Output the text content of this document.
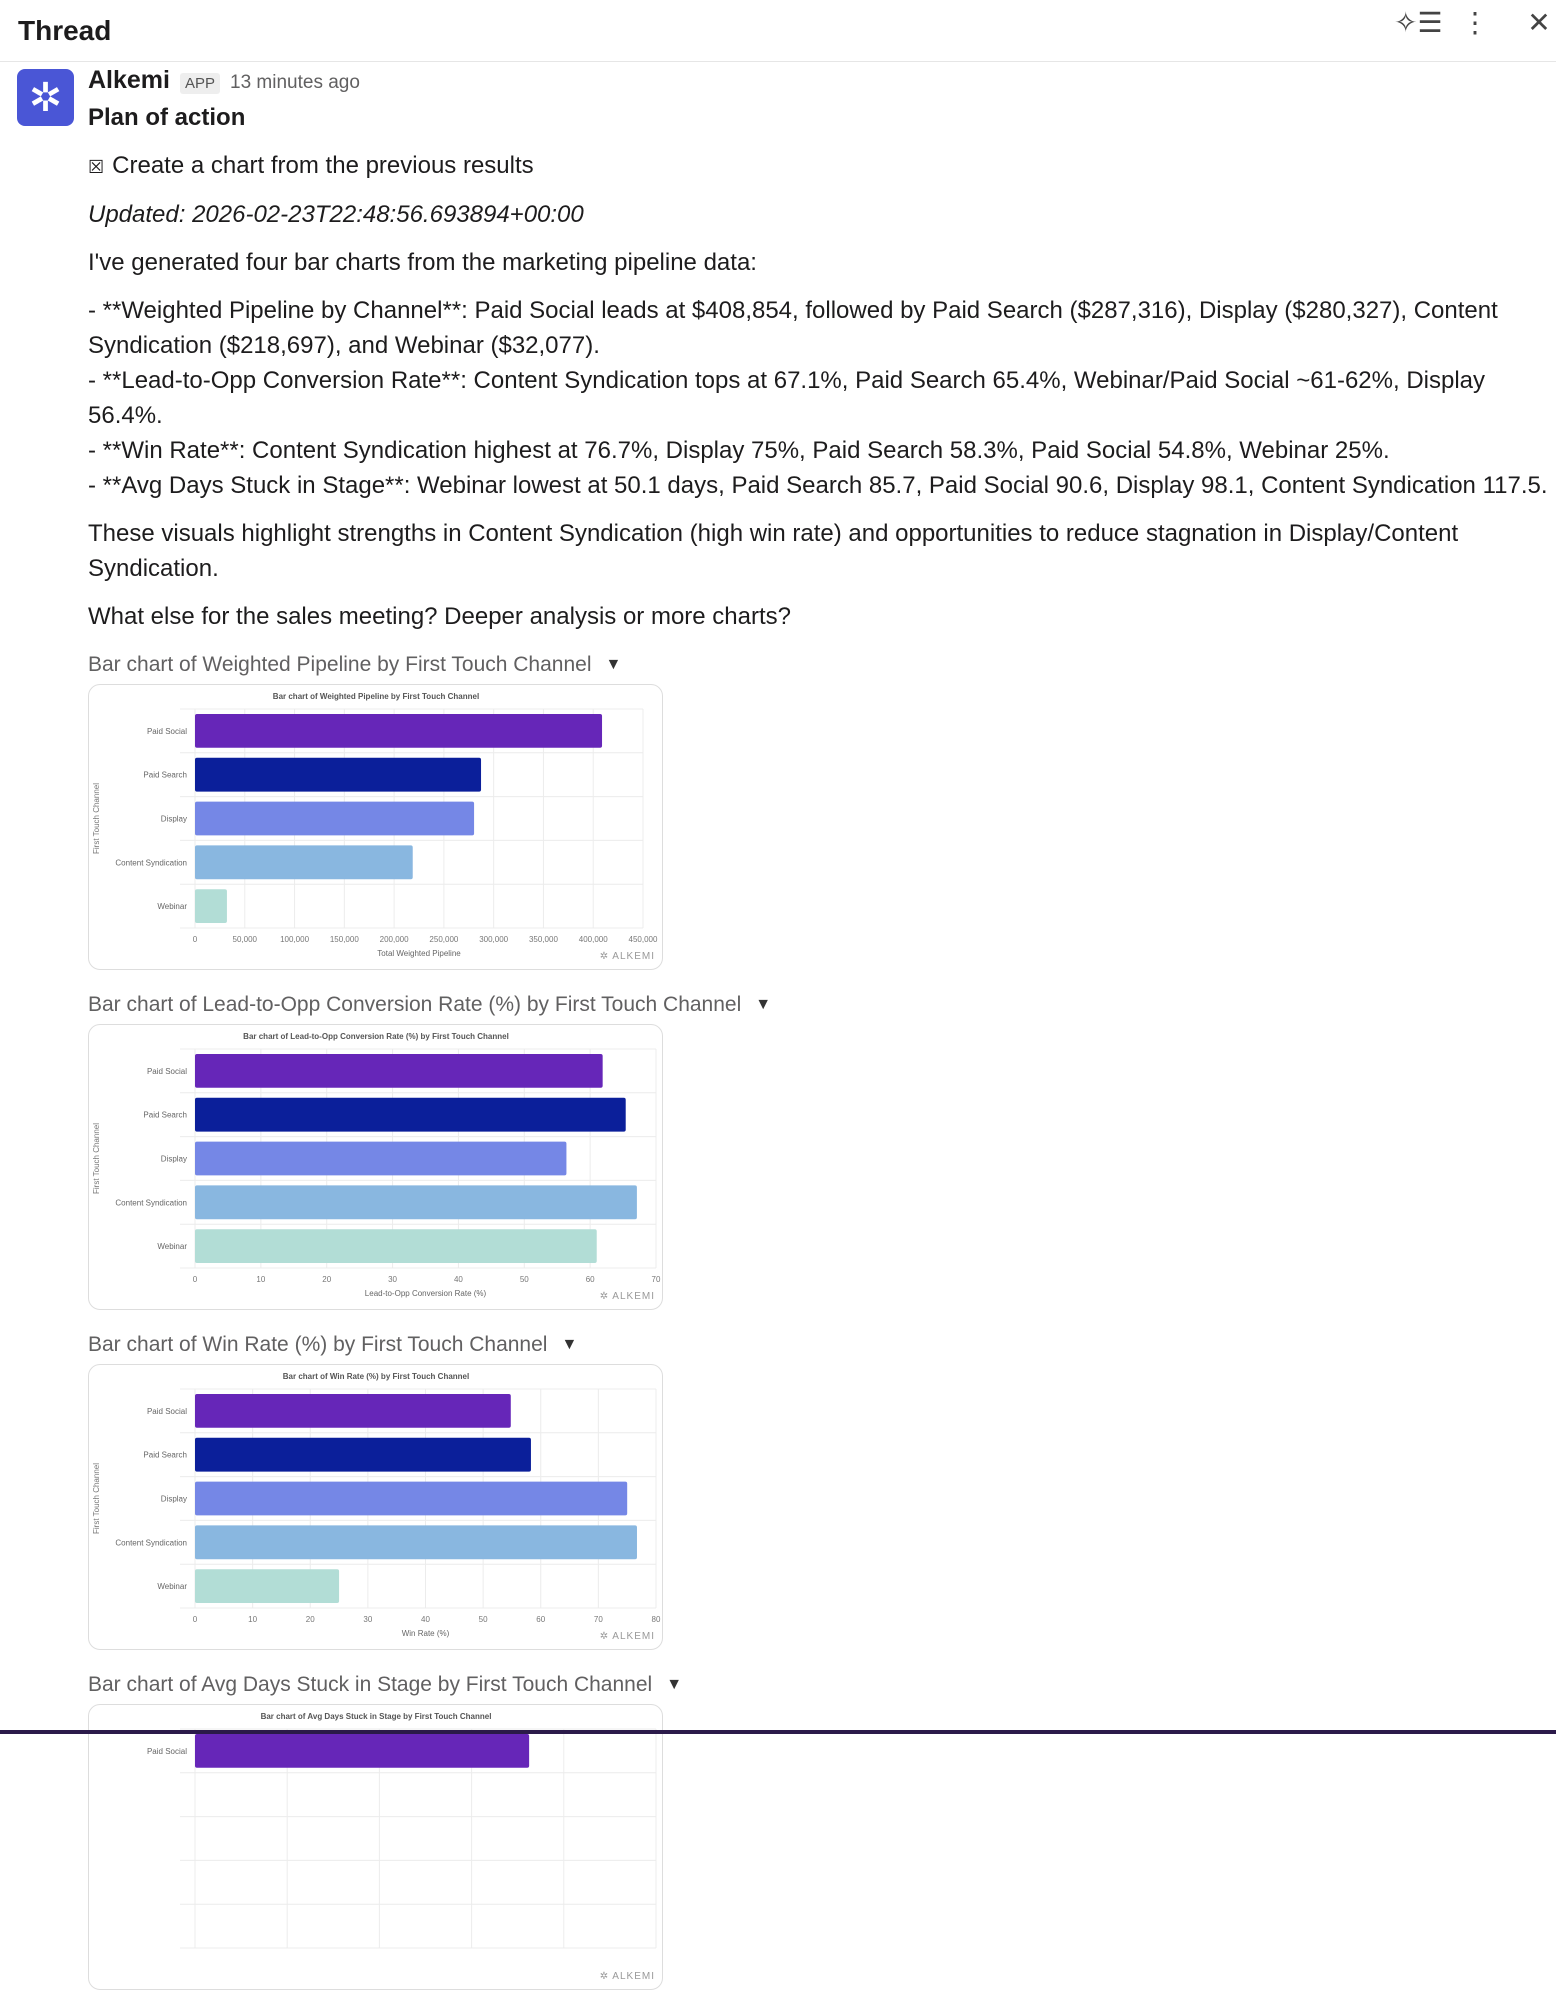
Thread	✧☰ ⋮ ✕
✲	Alkemi	APP 13 minutes ago
Plan of action
☒ Create a chart from the previous results
Updated: 2026-02-23T22:48:56.693894+00:00
I've generated four bar charts from the marketing pipeline data:
- **Weighted Pipeline by Channel**: Paid Social leads at $408,854, followed by Paid Search ($287,316), Display ($280,327), Content Syndication ($218,697), and Webinar ($32,077).
- **Lead-to-Opp Conversion Rate**: Content Syndication tops at 67.1%, Paid Search 65.4%, Webinar/Paid Social ~61-62%, Display 56.4%.
- **Win Rate**: Content Syndication highest at 76.7%, Display 75%, Paid Search 58.3%, Paid Social 54.8%, Webinar 25%.
- **Avg Days Stuck in Stage**: Webinar lowest at 50.1 days, Paid Search 85.7, Paid Social 90.6, Display 98.1, Content Syndication 117.5.
These visuals highlight strengths in Content Syndication (high win rate) and opportunities to reduce stagnation in Display/Content Syndication.
What else for the sales meeting? Deeper analysis or more charts?
Bar chart of Weighted Pipeline by First Touch Channel ▼
Bar chart of Weighted Pipeline by First Touch Channel
0	50,000	100,000	150,000	200,000	250,000	300,000	350,000	400,000	450,000
Paid Social
Paid Search
Display
Content Syndication
Webinar
Total Weighted Pipeline
First Touch Channel
✲ ALKEMI
Bar chart of Lead-to-Opp Conversion Rate (%) by First Touch Channel ▼
Bar chart of Lead-to-Opp Conversion Rate (%) by First Touch Channel
0	10	20	30	40	50	60	70
Paid Social
Paid Search
Display
Content Syndication
Webinar
Lead-to-Opp Conversion Rate (%)
First Touch Channel
✲ ALKEMI
Bar chart of Win Rate (%) by First Touch Channel ▼
Bar chart of Win Rate (%) by First Touch Channel
0	10	20	30	40	50	60	70	80
Paid Social
Paid Search
Display
Content Syndication
Webinar
Win Rate (%)
First Touch Channel
✲ ALKEMI
Bar chart of Avg Days Stuck in Stage by First Touch Channel ▼
Bar chart of Avg Days Stuck in Stage by First Touch Channel
Paid Social
✲ ALKEMI
